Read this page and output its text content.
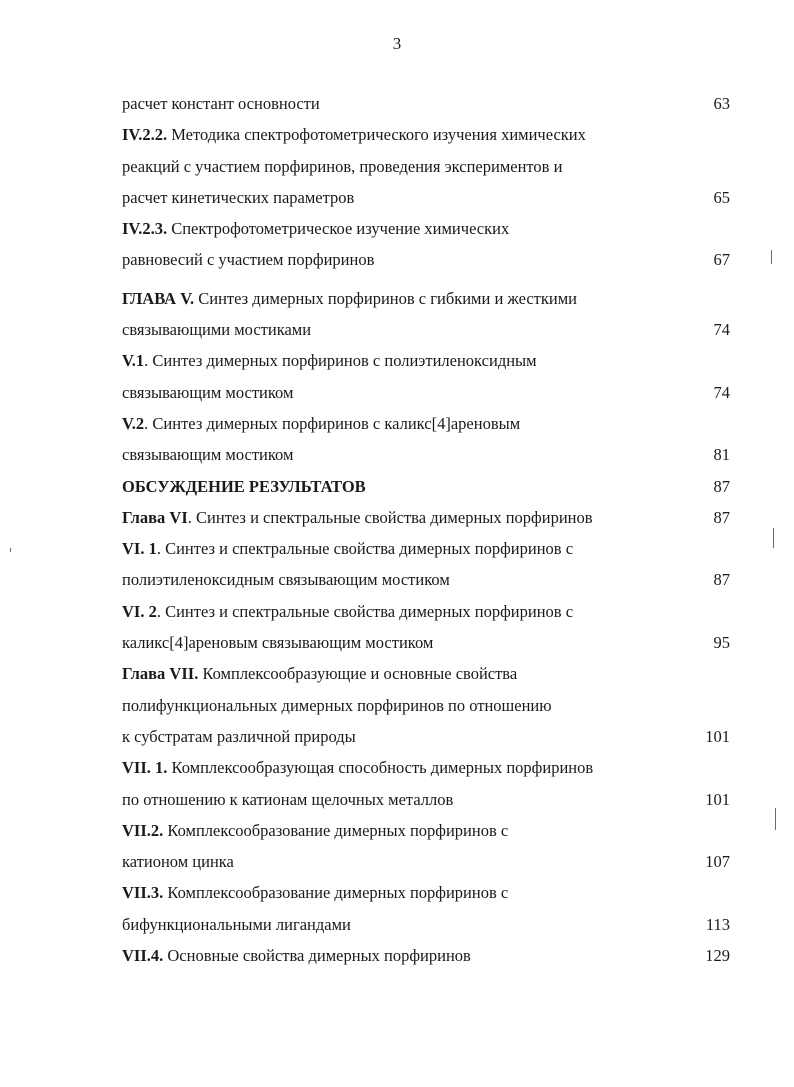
3
расчет констант основности	63
IV.2.2. Методика спектрофотометрического изучения химических
реакций с участием порфиринов, проведения экспериментов и
расчет кинетических параметров	65
IV.2.3. Спектрофотометрическое изучение химических
равновесий с участием порфиринов	67
ГЛАВА V. Синтез димерных порфиринов с гибкими и жесткими
связывающими мостиками	74
V.1. Синтез димерных порфиринов с полиэтиленоксидным
связывающим мостиком	74
V.2. Синтез димерных порфиринов с каликс[4]ареновым
связывающим мостиком	81
ОБСУЖДЕНИЕ РЕЗУЛЬТАТОВ	87
Глава VI. Синтез и спектральные свойства димерных порфиринов	87
VI. 1. Синтез и спектральные свойства димерных порфиринов с
полиэтиленоксидным связывающим мостиком	87
VI. 2. Синтез и спектральные свойства димерных порфиринов с
каликс[4]ареновым связывающим мостиком	95
Глава VII. Комплексообразующие и основные свойства
полифункциональных димерных порфиринов по отношению
к субстратам различной природы	101
VII. 1. Комплексообразующая способность димерных порфиринов
по отношению к катионам щелочных металлов	101
VII.2. Комплексообразование димерных порфиринов с
катионом цинка	107
VII.3. Комплексообразование димерных порфиринов с
бифункциональными лигандами	113
VII.4. Основные свойства димерных порфиринов	129
